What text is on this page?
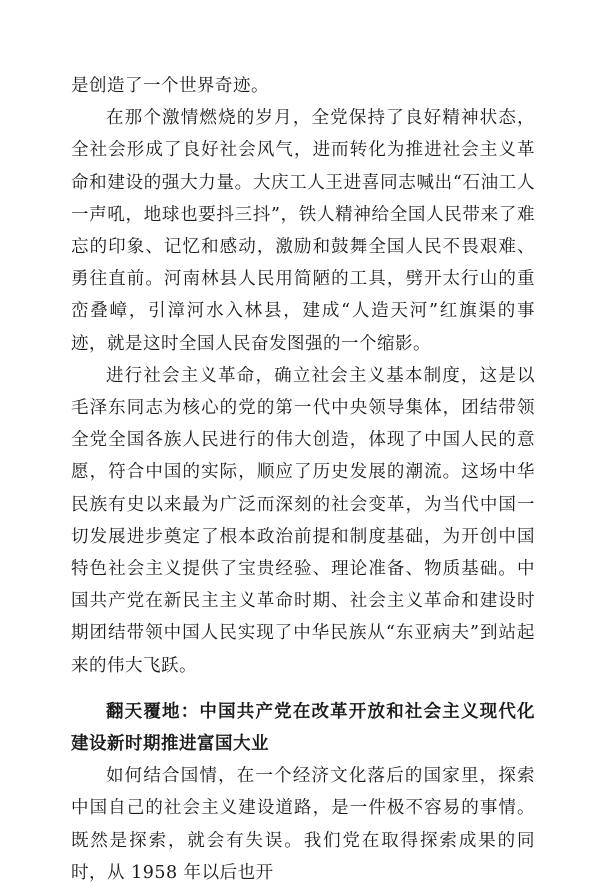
是创造了一个世界奇迹。

在那个激情燃烧的岁月，全党保持了良好精神状态，全社会形成了良好社会风气，进而转化为推进社会主义革命和建设的强大力量。大庆工人王进喜同志喊出“石油工人一声吼，地球也要抖三抖”，铁人精神给全国人民带来了难忘的印象、记忆和感动，激励和鼓舞全国人民不畏艰难、勇往直前。河南林县人民用简陋的工具，劈开太行山的重峦叠嶂，引漳河水入林县，建成“人造天河”红旗渠的事迹，就是这时全国人民奋发图强的一个缩影。

进行社会主义革命，确立社会主义基本制度，这是以毛泽东同志为核心的党的第一代中央领导集体，团结带领全党全国各族人民进行的伟大创造，体现了中国人民的意愿，符合中国的实际，顺应了历史发展的潮流。这场中华民族有史以来最为广泛而深刻的社会变革，为当代中国一切发展进步奠定了根本政治前提和制度基础，为开创中国特色社会主义提供了宝贵经验、理论准备、物质基础。中国共产党在新民主主义革命时期、社会主义革命和建设时期团结带领中国人民实现了中华民族从“东亚病夫”到站起来的伟大飞跃。

翻天覆地：中国共产党在改革开放和社会主义现代化建设新时期推进富国大业

如何结合国情，在一个经济文化落后的国家里，探索中国自己的社会主义建设道路，是一件极不容易的事情。既然是探索，就会有失误。我们党在取得探索成果的同时，从 1958 年以后也开
